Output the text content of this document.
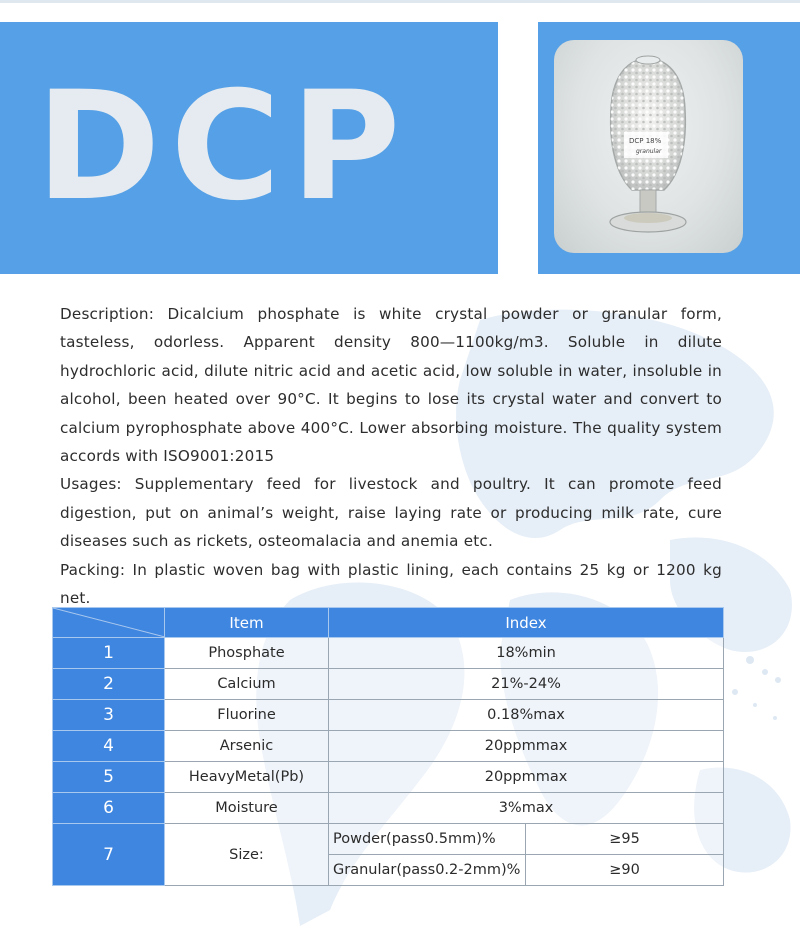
DCP	DCP 18%
granular

Description: Dicalcium phosphate is white crystal powder or granular form, tasteless, odorless. Apparent density 800—1100kg/m3. Soluble in dilute hydrochloric acid, dilute nitric acid and acetic acid, low soluble in water, insoluble in alcohol, been heated over 90°C. It begins to lose its crystal water and convert to calcium pyrophosphate above 400°C. Lower absorbing moisture. The quality system accords with ISO9001:2015

Usages: Supplementary feed for livestock and poultry. It can promote feed digestion, put on animal’s weight, raise laying rate or producing milk rate, cure diseases such as rickets, osteomalacia and anemia etc.

Packing: In plastic woven bag with plastic lining, each contains 25 kg or 1200 kg net.

	Item	Index	
1	Phosphate	18%min	
2	Calcium	21%-24%	
3	Fluorine	0.18%max	
4	Arsenic	20ppmmax	
5	HeavyMetal(Pb)	20ppmmax	
6	Moisture	3%max	
7	Size:	Powder(pass0.5mm)%	≥95
		Granular(pass0.2-2mm)%	≥90
